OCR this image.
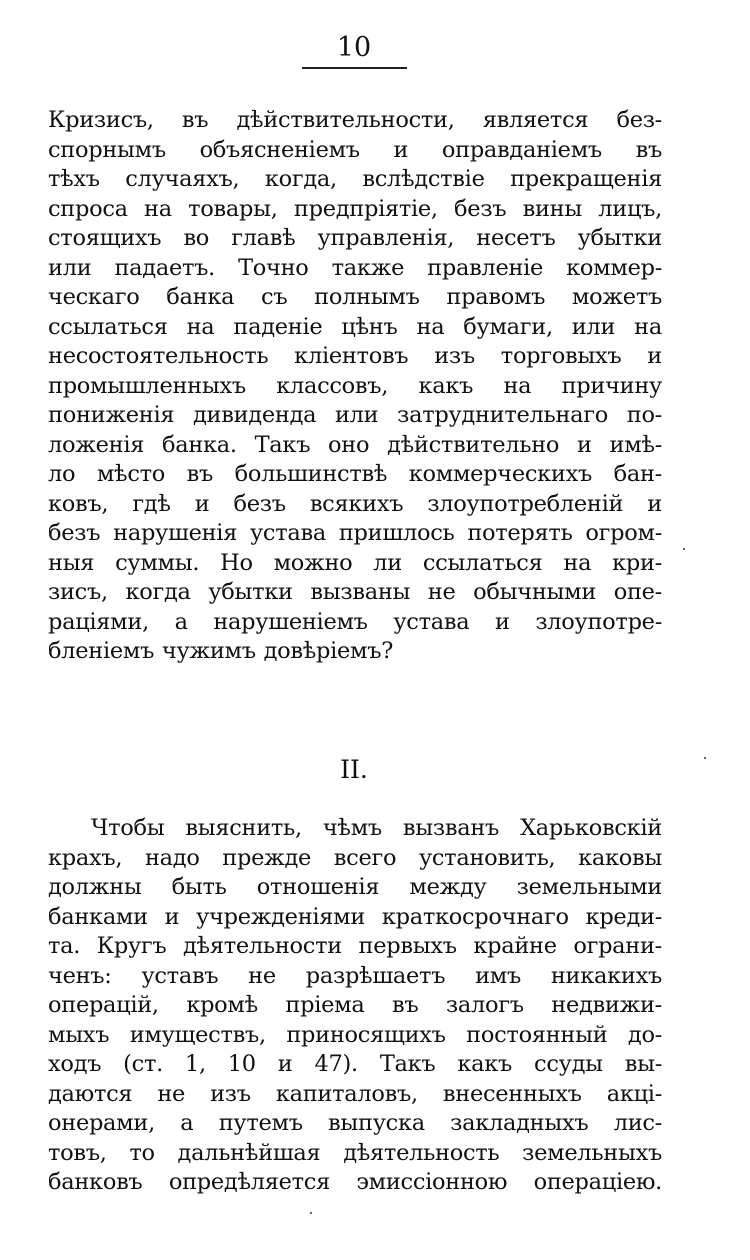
10
Кризисъ, въ дѣйствительности, является без-
спорнымъ объясненіемъ и оправданіемъ въ
тѣхъ случаяхъ, когда, вслѣдствіе прекращенія
спроса на товары, предпріятіе, безъ вины лицъ,
стоящихъ во главѣ управленія, несетъ убытки
или падаетъ. Точно также правленіе коммер-
ческаго банка съ полнымъ правомъ можетъ
ссылаться на паденіе цѣнъ на бумаги, или на
несостоятельность кліентовъ изъ торговыхъ и
промышленныхъ классовъ, какъ на причину
пониженія дивиденда или затруднительнаго по-
ложенія банка. Такъ оно дѣйствительно и имѣ-
ло мѣсто въ большинствѣ коммерческихъ бан-
ковъ, гдѣ и безъ всякихъ злоупотребленій и
безъ нарушенія устава пришлось потерять огром-
ныя суммы. Но можно ли ссылаться на кри-
зисъ, когда убытки вызваны не обычными опе-
раціями, а нарушеніемъ устава и злоупотре-
бленіемъ чужимъ довѣріемъ?
II.
Чтобы выяснить, чѣмъ вызванъ Харьковскій
крахъ, надо прежде всего установить, каковы
должны быть отношенія между земельными
банками и учрежденіями краткосрочнаго креди-
та. Кругъ дѣятельности первыхъ крайне ограни-
ченъ: уставъ не разрѣшаетъ имъ никакихъ
операцій, кромѣ пріема въ залогъ недвижи-
мыхъ имуществъ, приносящихъ постоянный до-
ходъ (ст. 1, 10 и 47). Такъ какъ ссуды вы-
даются не изъ капиталовъ, внесенныхъ акці-
онерами, а путемъ выпуска закладныхъ лис-
товъ, то дальнѣйшая дѣятельность земельныхъ
банковъ опредѣляется эмиссіонною операціею.
